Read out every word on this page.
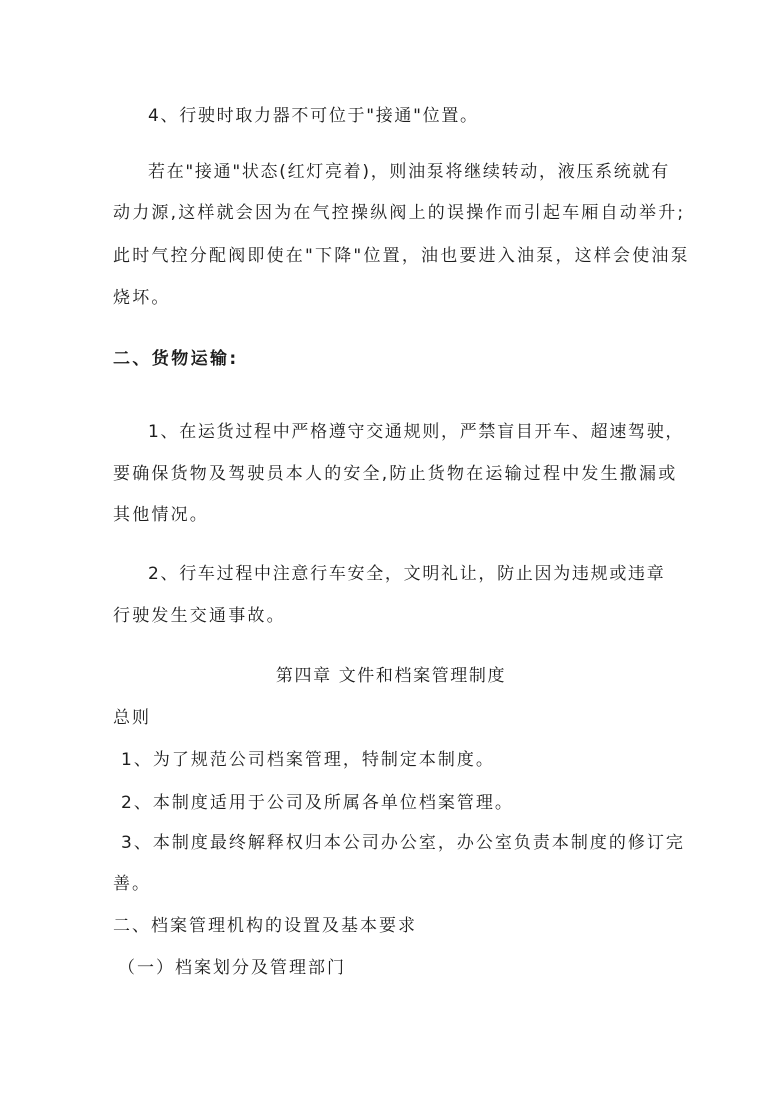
4、行驶时取力器不可位于"接通"位置。
若在"接通"状态(红灯亮着)，则油泵将继续转动，液压系统就有
动力源,这样就会因为在气控操纵阀上的误操作而引起车厢自动举升;
此时气控分配阀即使在"下降"位置，油也要进入油泵，这样会使油泵
烧坏。
二、货物运输:
1、在运货过程中严格遵守交通规则，严禁盲目开车、超速驾驶，
要确保货物及驾驶员本人的安全,防止货物在运输过程中发生撒漏或
其他情况。
2、行车过程中注意行车安全，文明礼让，防止因为违规或违章
行驶发生交通事故。
第四章 文件和档案管理制度
总则
1、为了规范公司档案管理，特制定本制度。
2、本制度适用于公司及所属各单位档案管理。
3、本制度最终解释权归本公司办公室，办公室负责本制度的修订完
善。
二、档案管理机构的设置及基本要求
（一）档案划分及管理部门
